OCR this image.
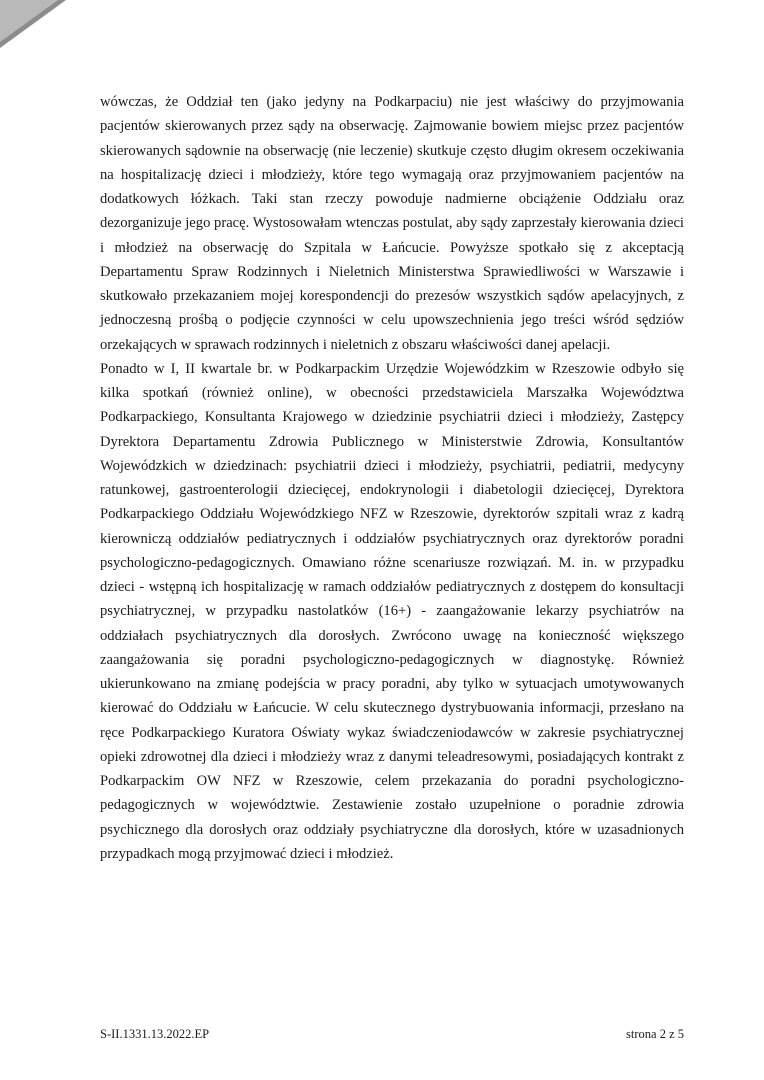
wówczas, że Oddział ten (jako jedyny na Podkarpaciu) nie jest właściwy do przyjmowania pacjentów skierowanych przez sądy na obserwację. Zajmowanie bowiem miejsc przez pacjentów skierowanych sądownie na obserwację (nie leczenie) skutkuje często długim okresem oczekiwania na hospitalizację dzieci i młodzieży, które tego wymagają oraz przyjmowaniem pacjentów na dodatkowych łóżkach. Taki stan rzeczy powoduje nadmierne obciążenie Oddziału oraz dezorganizuje jego pracę. Wystosowałam wtenczas postulat, aby sądy zaprzestały kierowania dzieci i młodzież na obserwację do Szpitala w Łańcucie. Powyższe spotkało się z akceptacją Departamentu Spraw Rodzinnych i Nieletnich Ministerstwa Sprawiedliwości w Warszawie i skutkowało przekazaniem mojej korespondencji do prezesów wszystkich sądów apelacyjnych, z jednoczesną prośbą o podjęcie czynności w celu upowszechnienia jego treści wśród sędziów orzekających w sprawach rodzinnych i nieletnich z obszaru właściwości danej apelacji.

Ponadto w I, II kwartale br. w Podkarpackim Urzędzie Wojewódzkim w Rzeszowie odbyło się kilka spotkań (również online), w obecności przedstawiciela Marszałka Województwa Podkarpackiego, Konsultanta Krajowego w dziedzinie psychiatrii dzieci i młodzieży, Zastępcy Dyrektora Departamentu Zdrowia Publicznego w Ministerstwie Zdrowia, Konsultantów Wojewódzkich w dziedzinach: psychiatrii dzieci i młodzieży, psychiatrii, pediatrii, medycyny ratunkowej, gastroenterologii dziecięcej, endokrynologii i diabetologii dziecięcej, Dyrektora Podkarpackiego Oddziału Wojewódzkiego NFZ w Rzeszowie, dyrektorów szpitali wraz z kadrą kierowniczą oddziałów pediatrycznych i oddziałów psychiatrycznych oraz dyrektorów poradni psychologiczno-pedagogicznych. Omawiano różne scenariusze rozwiązań. M. in. w przypadku dzieci - wstępną ich hospitalizację w ramach oddziałów pediatrycznych z dostępem do konsultacji psychiatrycznej, w przypadku nastolatków (16+) - zaangażowanie lekarzy psychiatrów na oddziałach psychiatrycznych dla dorosłych. Zwrócono uwagę na konieczność większego zaangażowania się poradni psychologiczno-pedagogicznych w diagnostykę. Również ukierunkowano na zmianę podejścia w pracy poradni, aby tylko w sytuacjach umotywowanych kierować do Oddziału w Łańcucie. W celu skutecznego dystrybuowania informacji, przesłano na ręce Podkarpackiego Kuratora Oświaty wykaz świadczeniodawców w zakresie psychiatrycznej opieki zdrowotnej dla dzieci i młodzieży wraz z danymi teleadresowymi, posiadających kontrakt z Podkarpackim OW NFZ w Rzeszowie, celem przekazania do poradni psychologiczno-pedagogicznych w województwie. Zestawienie zostało uzupełnione o poradnie zdrowia psychicznego dla dorosłych oraz oddziały psychiatryczne dla dorosłych, które w uzasadnionych przypadkach mogą przyjmować dzieci i młodzież.

S-II.1331.13.2022.EP	strona 2 z 5
